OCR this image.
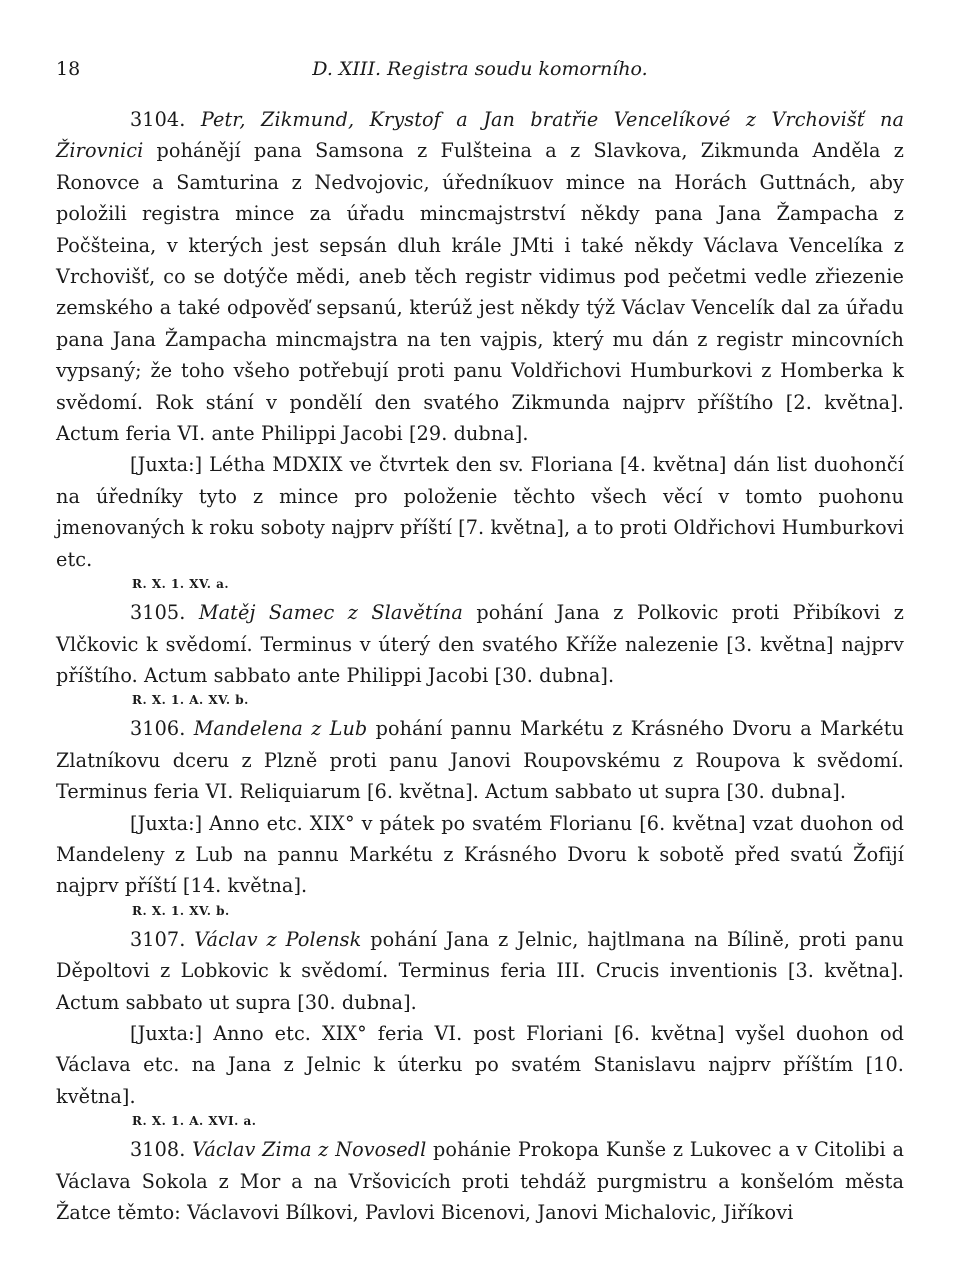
18	D. XIII. Registra soudu komorního.

3104. Petr, Zikmund, Krystof a Jan bratřie Vencelíkové z Vrchovišť na Žirovnici pohánějí pana Samsona z Fulšteina a z Slavkova, Zikmunda Anděla z Ronovce a Samturina z Nedvojovic, úředníkuov mince na Horách Guttnách, aby položili registra mince za úřadu mincmajstrství někdy pana Jana Žampacha z Počšteina, v kterých jest sepsán dluh krále JMti i také někdy Václava Vencelíka z Vrchovišť, co se dotýče mědi, aneb těch registr vidimus pod pečetmi vedle zřiezenie zemského a také odpověď sepsanú, kterúž jest někdy týž Václav Vencelík dal za úřadu pana Jana Žampacha mincmajstra na ten vajpis, který mu dán z registr mincovních vypsaný; že toho všeho potřebují proti panu Voldřichovi Humburkovi z Homberka k svědomí. Rok stání v pondělí den svatého Zikmunda najprv příštího [2. května]. Actum feria VI. ante Philippi Jacobi [29. dubna].

[Juxta:] Létha MDXIX ve čtvrtek den sv. Floriana [4. května] dán list duohončí na úředníky tyto z mince pro položenie těchto všech věcí v tomto puohonu jmenovaných k roku soboty najprv příští [7. května], a to proti Oldřichovi Humburkovi etc.

R. X. 1. XV. a.

3105. Matěj Samec z Slavětína pohání Jana z Polkovic proti Přibíkovi z Vlčkovic k svědomí. Terminus v úterý den svatého Kříže nalezenie [3. května] najprv příštího. Actum sabbato ante Philippi Jacobi [30. dubna].

R. X. 1. A. XV. b.

3106. Mandelena z Lub pohání pannu Markétu z Krásného Dvoru a Markétu Zlatníkovu dceru z Plzně proti panu Janovi Roupovskému z Roupova k svědomí. Terminus feria VI. Reliquiarum [6. května]. Actum sabbato ut supra [30. dubna].

[Juxta:] Anno etc. XIX° v pátek po svatém Florianu [6. května] vzat duohon od Mandeleny z Lub na pannu Markétu z Krásného Dvoru k sobotě před svatú Žofijí najprv příští [14. května].

R. X. 1. XV. b.

3107. Václav z Polensk pohání Jana z Jelnic, hajtlmana na Bílině, proti panu Děpoltovi z Lobkovic k svědomí. Terminus feria III. Crucis inventionis [3. května]. Actum sabbato ut supra [30. dubna].

[Juxta:] Anno etc. XIX° feria VI. post Floriani [6. května] vyšel duohon od Václava etc. na Jana z Jelnic k úterku po svatém Stanislavu najprv příštím [10. května].

R. X. 1. A. XVI. a.

3108. Václav Zima z Novosedl pohánie Prokopa Kunše z Lukovec a v Citolibi a Václava Sokola z Mor a na Vršovicích proti tehdáž purgmistru a konšelóm města Žatce těmto: Václavovi Bílkovi, Pavlovi Bicenovi, Janovi Michalovic, Jiříkovi
